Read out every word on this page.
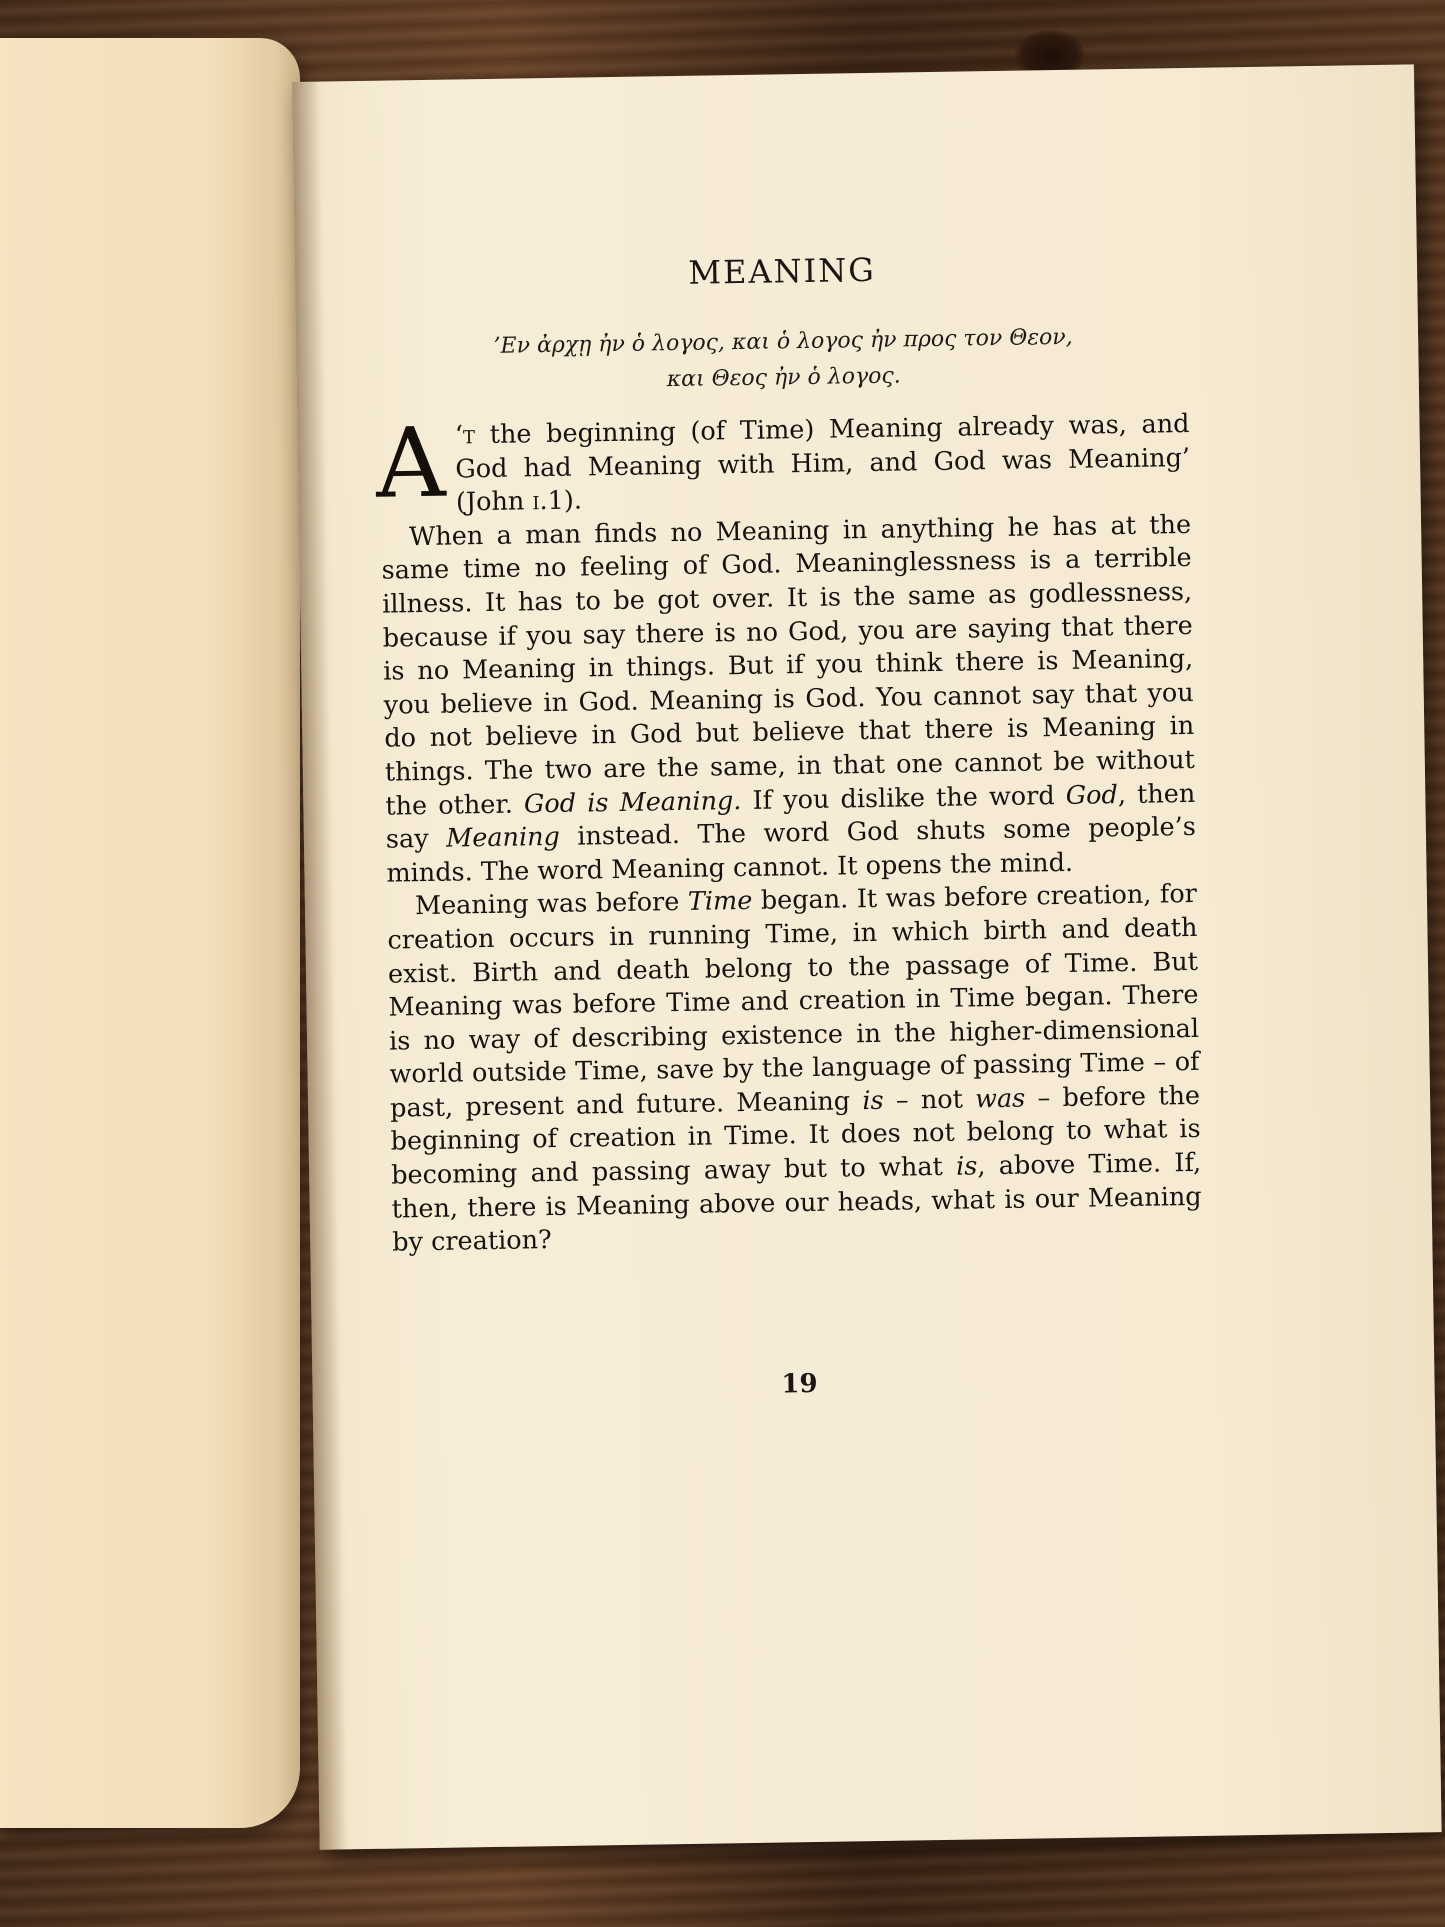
MEANING
’Εν ἀρχῃ ἠν ὁ λογος, και ὁ λογος ἠν προς τον Θεον,
και Θεος ἠν ὁ λογος.

‘
A t the beginning (of Time) Meaning already was, and God had Meaning with Him, and God was Meaning’ (John i.1).

When a man finds no Meaning in anything he has at the same time no feeling of God. Meaninglessness is a terrible illness. It has to be got over. It is the same as godlessness, because if you say there is no God, you are saying that there is no Meaning in things. But if you think there is Meaning, you believe in God. Meaning is God. You cannot say that you do not believe in God but believe that there is Meaning in things. The two are the same, in that one cannot be without the other. God is Meaning. If you dislike the word God, then say Meaning instead. The word God shuts some people’s minds. The word Meaning cannot. It opens the mind.

Meaning was before Time began. It was before creation, for creation occurs in running Time, in which birth and death exist. Birth and death belong to the passage of Time. But Meaning was before Time and creation in Time began. There is no way of describing existence in the higher-dimensional world outside Time, save by the language of passing Time – of past, present and future. Meaning is – not was – before the beginning of creation in Time. It does not belong to what is becoming and passing away but to what is, above Time. If, then, there is Meaning above our heads, what is our Meaning by creation?

19
